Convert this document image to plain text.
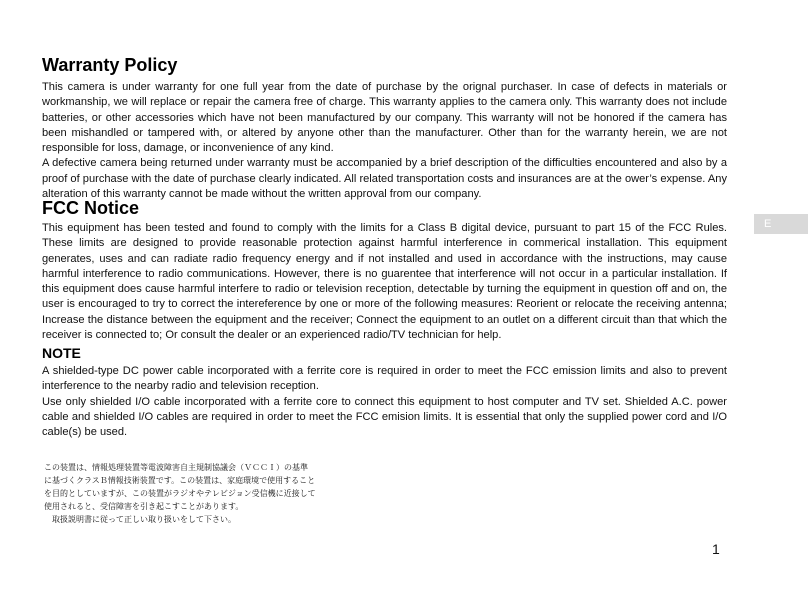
Warranty Policy

This camera is under warranty for one full year from the date of purchase by the orignal purchaser. In case of defects in materials or workmanship, we will replace or repair the camera free of charge. This warranty applies to the camera only. This warranty does not include batteries, or other accessories which have not been manufactured by our company. This warranty will not be honored if the camera has been mishandled or tampered with, or altered by anyone other than the manufacturer. Other than for the warranty herein, we are not responsible for loss, damage, or inconvenience of any kind.

A defective camera being returned under warranty must be accompanied by a brief description of the difficulties encountered and also by a proof of purchase with the date of purchase clearly indicated. All related transportation costs and insurances are at the ower’s expense. Any alteration of this warranty cannot be made without the written approval from our company.

FCC Notice

This equipment has been tested and found to comply with the limits for a Class B digital device, pursuant to part 15 of the FCC Rules. These limits are designed to provide reasonable protection against harmful interference in commerical installation. This equipment generates, uses and can radiate radio frequency energy and if not installed and used in accordance with the instructions, may cause harmful interference to radio communications. However, there is no guarentee that interference will not occur in a particular installation. If this equipment does cause harmful interfere to radio or television reception, detectable by turning the equipment in question off and on, the user is encouraged to try to correct the intereference by one or more of the following measures: Reorient or relocate the receiving antenna; Increase the distance between the equipment and the receiver; Connect the equipment to an outlet on a different circuit than that which the receiver is connected to; Or consult the dealer or an experienced radio/TV technician for help.

NOTE

A shielded-type DC power cable incorporated with a ferrite core is required in order to meet the FCC emission limits and also to prevent interference to the nearby radio and television reception.

Use only shielded I/O cable incorporated with a ferrite core to connect this equipment to host computer and TV set. Shielded A.C. power cable and shielded I/O cables are required in order to meet the FCC emision limits. It is essential that only the supplied power cord and I/O cable(s) be used.

この装置は、情報処理装置等電波障害自主規制協議会（ＶＣＣＩ）の基準

に基づくクラスＢ情報技術装置です。この装置は、家庭環境で使用すること

を目的としていますが、この装置がラジオやテレビジョン受信機に近接して

使用されると、受信障害を引き起こすことがあります。

　取扱説明書に従って正しい取り扱いをして下さい。

E
1
